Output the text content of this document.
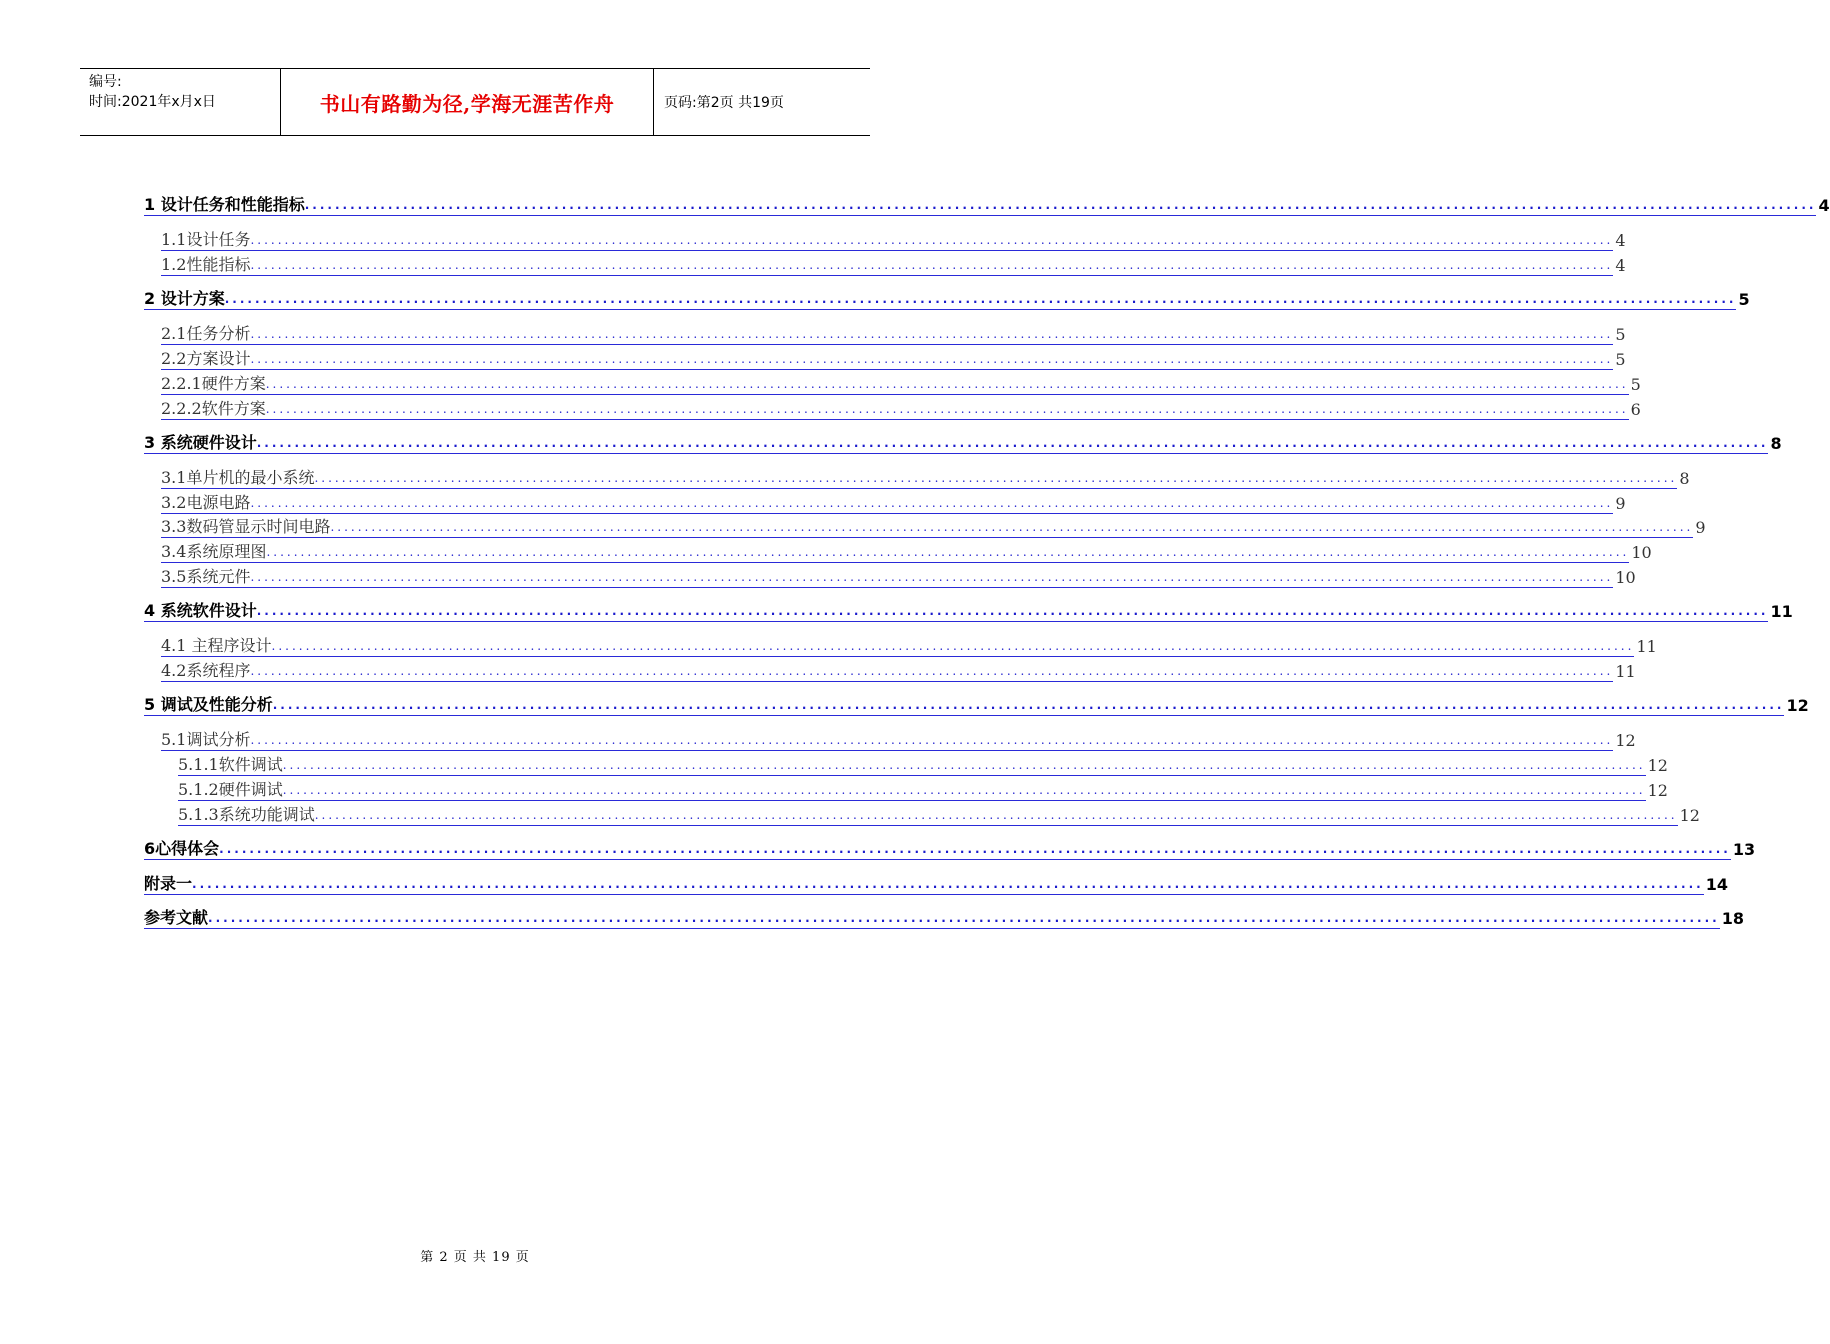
编号:
时间:2021年x月x日	书山有路勤为径,学海无涯苦作舟	页码:第2页 共19页
1 设计任务和性能指标 ........................................................................................................................................................................................................ 4
1.1设计任务 ........................................................................................................................................................................................................ 4
1.2性能指标 ........................................................................................................................................................................................................ 4
2 设计方案 ........................................................................................................................................................................................................ 5
2.1任务分析 ........................................................................................................................................................................................................ 5
2.2方案设计 ........................................................................................................................................................................................................ 5
2.2.1硬件方案 ........................................................................................................................................................................................................ 5
2.2.2软件方案 ........................................................................................................................................................................................................ 6
3 系统硬件设计 ........................................................................................................................................................................................................ 8
3.1单片机的最小系统 ........................................................................................................................................................................................................ 8
3.2电源电路 ........................................................................................................................................................................................................ 9
3.3数码管显示时间电路 ........................................................................................................................................................................................................ 9
3.4系统原理图 ........................................................................................................................................................................................................ 10
3.5系统元件 ........................................................................................................................................................................................................ 10
4 系统软件设计 ........................................................................................................................................................................................................ 11
4.1 主程序设计 ........................................................................................................................................................................................................ 11
4.2系统程序 ........................................................................................................................................................................................................ 11
5 调试及性能分析 ........................................................................................................................................................................................................ 12
5.1调试分析 ........................................................................................................................................................................................................ 12
5.1.1软件调试 ........................................................................................................................................................................................................ 12
5.1.2硬件调试 ........................................................................................................................................................................................................ 12
5.1.3系统功能调试 ........................................................................................................................................................................................................ 12
6心得体会 ........................................................................................................................................................................................................ 13
附录一 ........................................................................................................................................................................................................ 14
参考文献 ........................................................................................................................................................................................................ 18
第 2 页 共 19 页
